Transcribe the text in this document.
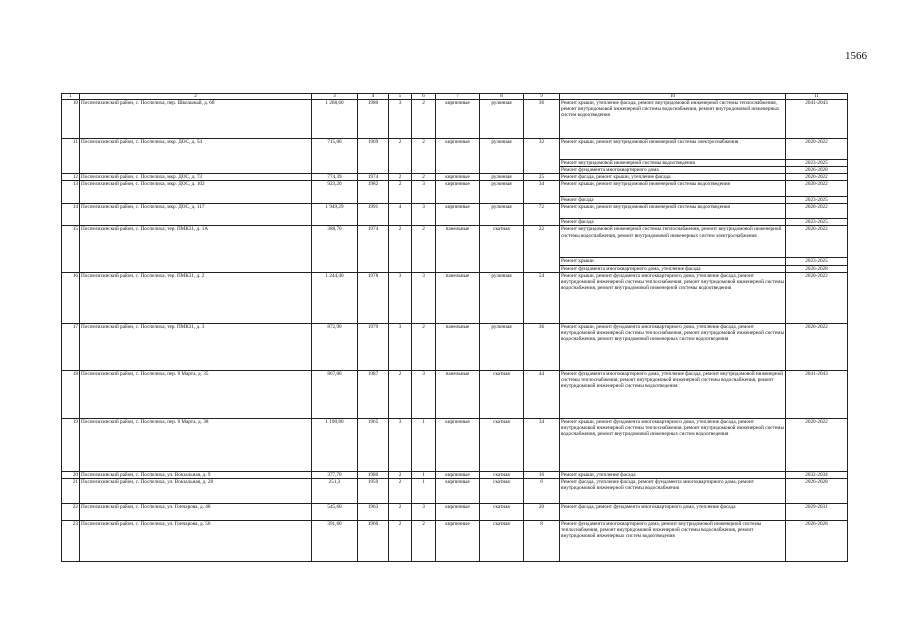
1566
1	2	3	4	5	6	7	8	9	10	11
10	Поспелихинский район, с. Поспелиха, пер. Школьный, д. 68	1 268,60	1980	3	2	кирпичные	рулонная	36	Ремонт крыши, утепление фасада, ремонт внутридомовой инженерной системы теплоснабжения, ремонт внутридомовой инженерной системы водоснабжения, ремонт внутридомовой инженерных систем водоотведения	2041-2043
11	Поспелихинский район, с. Поспелиха, мкр. ДОС, д. 54	715,00	1969	2	2	кирпичные	рулонная	32	Ремонт крыши, ремонт внутридомовой инженерной системы электроснабжения	2020-2022
									Ремонт внутридомовой инженерной системы водоотведения	2023-2025
									Ремонт фундамента многоквартирного дома	2026-2028
12	Поспелихинский район, с. Поспелиха, мкр. ДОС, д. 73	774,39	1974	2	2	кирпичные	рулонная	25	Ремонт фасада, ремонт крыши, утепление фасада	2020-2022
13	Поспелихинский район, с. Поспелиха, мкр. ДОС, д. 102	923,20	1982	2	3	кирпичные	рулонная	34	Ремонт крыши, ремонт внутридомовой инженерной системы водоотведения	2020-2022
									Ремонт фасада	2023-2025
14	Поспелихинский район, с. Поспелиха, мкр. ДОС, д. 117	1 949,29	1991	4	3	кирпичные	рулонная	72	Ремонт крыши, ремонт внутридомовой инженерной системы водоотведения	2020-2022
									Ремонт фасада	2023-2025
15	Поспелихинский район, с. Поспелиха, тер. ПМК31, д. 1А	388,70	1974	2	2	панельные	скатная	22	Ремонт внутридомовой инженерной системы теплоснабжения, ремонт внутридомовой инженерной системы водоснабжения, ремонт внутридомовой инженерных систем электроснабжения	2020-2022
									Ремонт крыши	2023-2025
									Ремонт фундамента многоквартирного дома, утепление фасада	2026-2028
16	Поспелихинский район, с. Поспелиха, тер. ПМК31, д. 2	1 244,40	1978	3	3	панельные	рулонная	54	Ремонт крыши, ремонт фундамента многоквартирного дома, утепление фасада, ремонт внутридомовой инженерной системы теплоснабжения, ремонт внутридомовой инженерной системы водоснабжения, ремонт внутридомовой инженерной системы водоотведения	2020-2022
17	Поспелихинский район, с. Поспелиха, тер. ПМК31, д. 3	872,90	1979	3	2	панельные	рулонная	36	Ремонт крыши, ремонт фундамента многоквартирного дома, утепление фасада, ремонт внутридомовой инженерной системы теплоснабжения, ремонт внутридомовой инженерной системы водоснабжения, ремонт внутридомовой инженерных систем водоотведения	2020-2022
18	Поспелихинский район, с. Поспелиха, пер. 8 Марта, д. 35	867,00	1987	2	3	панельные	скатная	44	Ремонт фундамента многоквартирного дома, утепление фасада, ремонт внутридомовой инженерной системы теплоснабжения, ремонт внутридомовой инженерной системы водоснабжения, ремонт внутридомовой инженерной системы водоотведения	2041-2043
19	Поспелихинский район, с. Поспелиха, пер. 8 Марта, д. 38	1 190,80	1965	3	1	кирпичные	скатная	34	Ремонт крыши, ремонт фундамента многоквартирного дома, утепление фасада, ремонт внутридомовой инженерной системы теплоснабжения, ремонт внутридомовой инженерной системы водоснабжения, ремонт внутридомовой инженерных систем водоотведения	2020-2022
20	Поспелихинский район, с. Поспелиха, ул. Вокзальная, д. 9	377,70	1980	2	1	кирпичные	скатная	16	Ремонт крыши, утепление фасада	2032-2034
21	Поспелихинский район, с. Поспелиха, ул. Вокзальная, д. 28	251,3	1959	2	1	кирпичные	скатная	6	Ремонт фасада, утепление фасада, ремонт фундамента многоквартирного дома, ремонт внутридомовой инженерной системы водоснабжения	2026-2028
22	Поспелихинский район, с. Поспелиха, ул. Гончарова, д. 48	545,60	1963	2	3	кирпичные	скатная	20	Ремонт фасада, ремонт фундамента многоквартирного дома, утепление фасада	2029-2031
23	Поспелихинский район, с. Поспелиха, ул. Гончарова, д. 50	391,60	1960	2	2	кирпичные	скатная	8	Ремонт фундамента многоквартирного дома, ремонт внутридомовой инженерной системы теплоснабжения, ремонт внутридомовой инженерной системы водоснабжения, ремонт внутридомовой инженерных систем водоотведения	2026-2028
